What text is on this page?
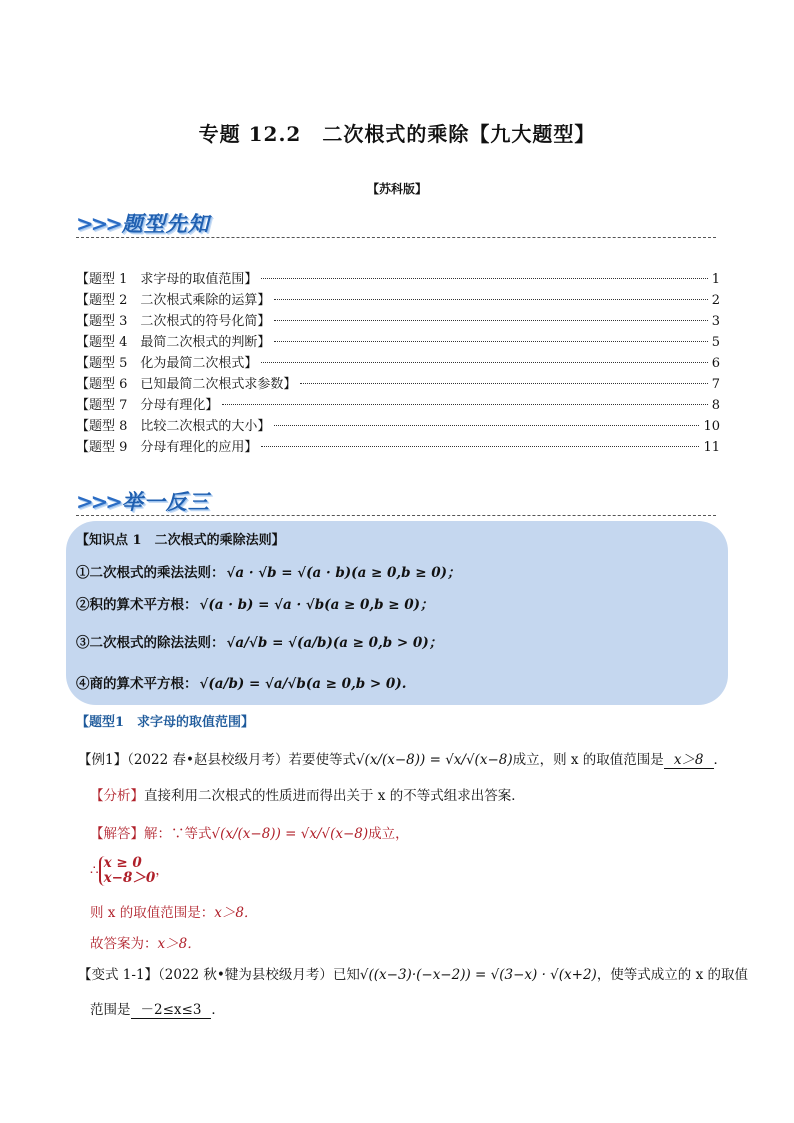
专题 12.2　二次根式的乘除【九大题型】
【苏科版】
>>>题型先知
【题型 1　求字母的取值范围】	1
【题型 2　二次根式乘除的运算】	2
【题型 3　二次根式的符号化简】	3
【题型 4　最简二次根式的判断】	5
【题型 5　化为最简二次根式】	6
【题型 6　已知最简二次根式求参数】	7
【题型 7　分母有理化】	8
【题型 8　比较二次根式的大小】	10
【题型 9　分母有理化的应用】	11
>>>举一反三
【知识点 1　二次根式的乘除法则】
①二次根式的乘法法则： √a · √b = √(a · b)(a ≥ 0,b ≥ 0)；
②积的算术平方根： √(a · b) = √a · √b(a ≥ 0,b ≥ 0)；
③二次根式的除法法则： √a/√b = √(a/b)(a ≥ 0,b > 0)；
④商的算术平方根： √(a/b) = √a/√b(a ≥ 0,b > 0).
【题型1　求字母的取值范围】
【例1】（2022 春•赵县校级月考）若要使等式√(x/(x−8)) = √x/√(x−8)成立，则 x 的取值范围是 x＞8 ．
【分析】直接利用二次根式的性质进而得出关于 x 的不等式组求出答案．
【解答】解：∵等式√(x/(x−8)) = √x/√(x−8)成立，
∴ x ≥ 0
x−8＞0 ，
则 x 的取值范围是：x＞8．
故答案为：x＞8．
【变式 1-1】（2022 秋•犍为县校级月考）已知√((x−3)·(−x−2)) = √(3−x) · √(x+2)，使等式成立的 x 的取值
范围是 －2≤x≤3 ．
